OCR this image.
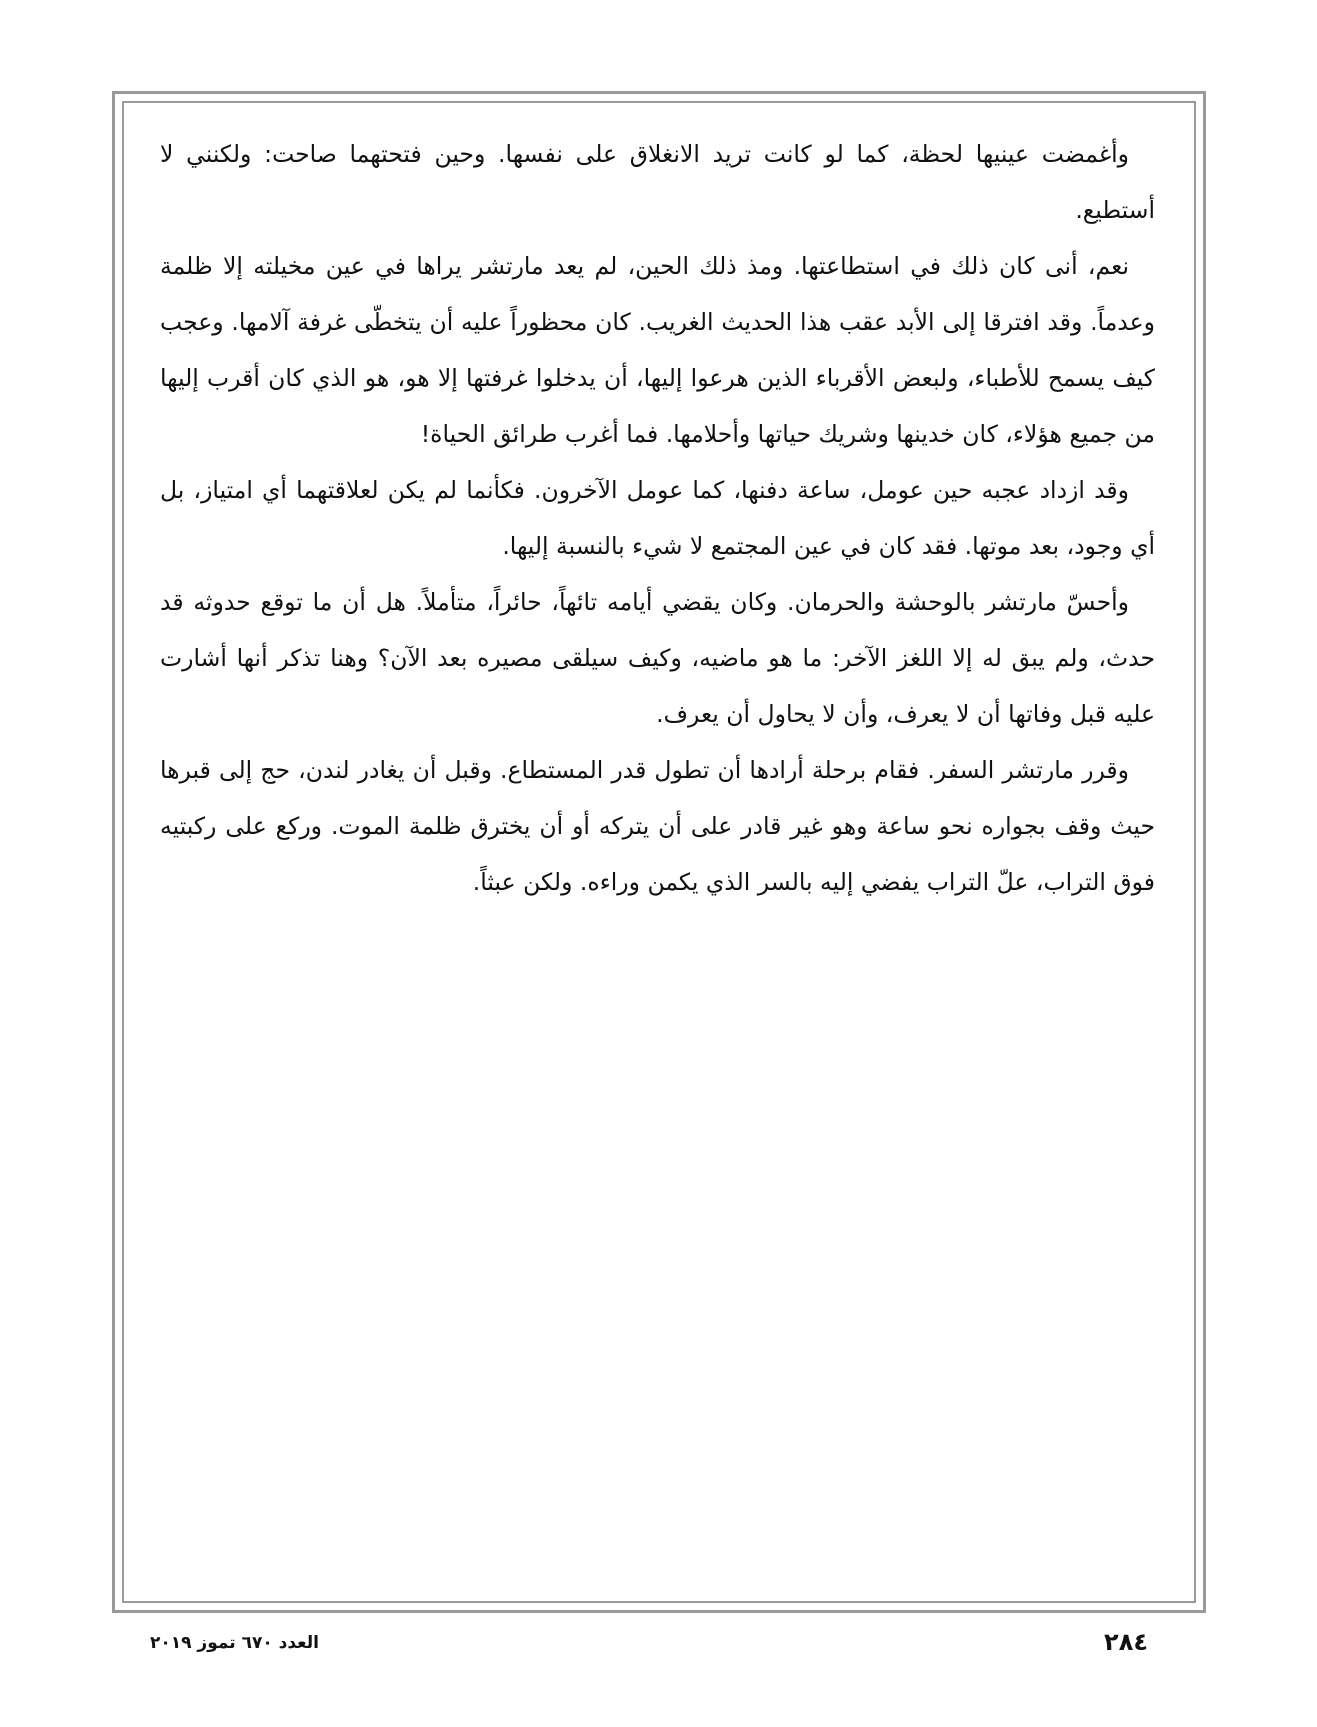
وأغمضت عينيها لحظة، كما لو كانت تريد الانغلاق على نفسها. وحين فتحتهما صاحت: ولكنني لا أستطيع.

نعم، أنى كان ذلك في استطاعتها. ومذ ذلك الحين، لم يعد مارتشر يراها في عين مخيلته إلا ظلمة وعدماً. وقد افترقا إلى الأبد عقب هذا الحديث الغريب. كان محظوراً عليه أن يتخطّى غرفة آلامها. وعجب كيف يسمح للأطباء، ولبعض الأقرباء الذين هرعوا إليها، أن يدخلوا غرفتها إلا هو، هو الذي كان أقرب إليها من جميع هؤلاء، كان خدينها وشريك حياتها وأحلامها. فما أغرب طرائق الحياة!

وقد ازداد عجبه حين عومل، ساعة دفنها، كما عومل الآخرون. فكأنما لم يكن لعلاقتهما أي امتياز، بل أي وجود، بعد موتها. فقد كان في عين المجتمع لا شيء بالنسبة إليها.

وأحسّ مارتشر بالوحشة والحرمان. وكان يقضي أيامه تائهاً، حائراً، متأملاً. هل أن ما توقع حدوثه قد حدث، ولم يبق له إلا اللغز الآخر: ما هو ماضيه، وكيف سيلقى مصيره بعد الآن؟ وهنا تذكر أنها أشارت عليه قبل وفاتها أن لا يعرف، وأن لا يحاول أن يعرف.

وقرر مارتشر السفر. فقام برحلة أرادها أن تطول قدر المستطاع. وقبل أن يغادر لندن، حج إلى قبرها حيث وقف بجواره نحو ساعة وهو غير قادر على أن يتركه أو أن يخترق ظلمة الموت. وركع على ركبتيه فوق التراب، علّ التراب يفضي إليه بالسر الذي يكمن وراءه. ولكن عبثاً.

٢٨٤
العدد ٦٧٠ تموز ٢٠١٩
